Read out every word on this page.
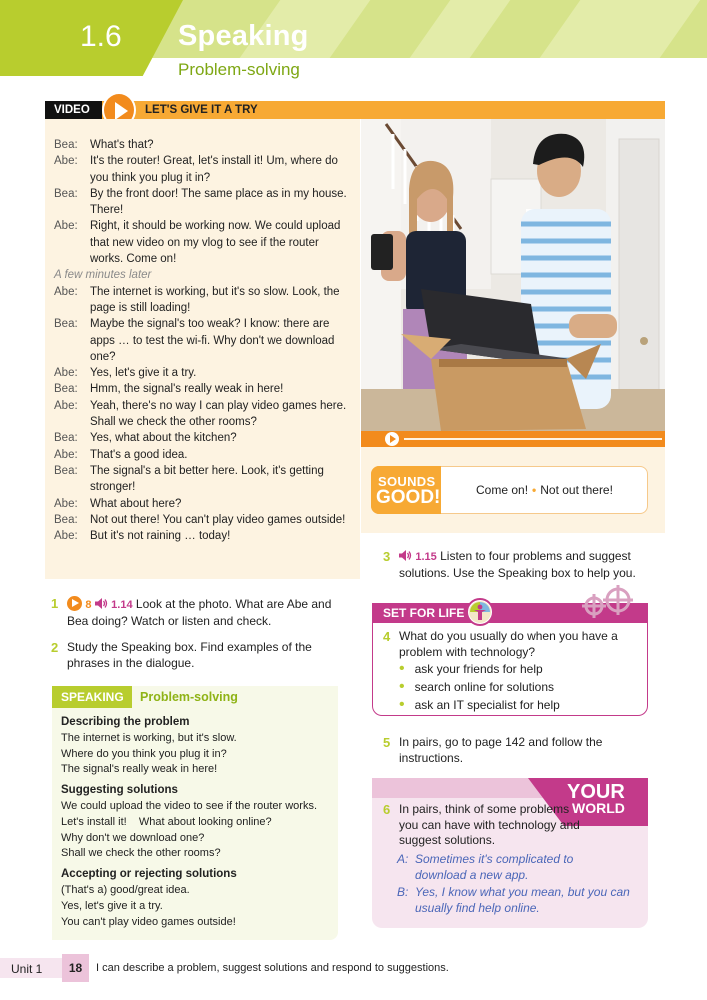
1.6 Speaking
Problem-solving
VIDEO	LET'S GIVE IT A TRY
Bea:	What's that?
Abe:	It's the router! Great, let's install it! Um, where do you think you plug it in?
Bea:	By the front door! The same place as in my house. There!
Abe:	Right, it should be working now. We could upload that new video on my vlog to see if the router works. Come on!
A few minutes later
Abe:	The internet is working, but it's so slow. Look, the page is still loading!
Bea:	Maybe the signal's too weak? I know: there are apps … to test the wi-fi. Why don't we download one?
Abe:	Yes, let's give it a try.
Bea:	Hmm, the signal's really weak in here!
Abe:	Yeah, there's no way I can play video games here. Shall we check the other rooms?
Bea:	Yes, what about the kitchen?
Abe:	That's a good idea.
Bea:	The signal's a bit better here. Look, it's getting stronger!
Abe:	What about here?
Bea:	Not out there! You can't play video games outside!
Abe:	But it's not raining … today!
SOUNDS
GOOD!	Come on! • Not out there!
1	8 1.14 Look at the photo. What are Abe and Bea doing? Watch or listen and check.
2 Study the Speaking box. Find examples of the phrases in the dialogue.
SPEAKING	Problem-solving
Describing the problem
The internet is working, but it's slow.
Where do you think you plug it in?
The signal's really weak in here!
Suggesting solutions
We could upload the video to see if the router works.
Let's install it!    What about looking online?
Why don't we download one?
Shall we check the other rooms?
Accepting or rejecting solutions
(That's a) good/great idea.
Yes, let's give it a try.
You can't play video games outside!
3	1.15 Listen to four problems and suggest solutions. Use the Speaking box to help you.
SET FOR LIFE
4 What do you usually do when you have a problem with technology?
• ask your friends for help
• search online for solutions
• ask an IT specialist for help
5 In pairs, go to page 142 and follow the instructions.
YOUR
WORLD
6 In pairs, think of some problems you can have with technology and suggest solutions.
A: Sometimes it's complicated to download a new app.
B: Yes, I know what you mean, but you can usually find help online.
Unit 1	18	I can describe a problem, suggest solutions and respond to suggestions.
